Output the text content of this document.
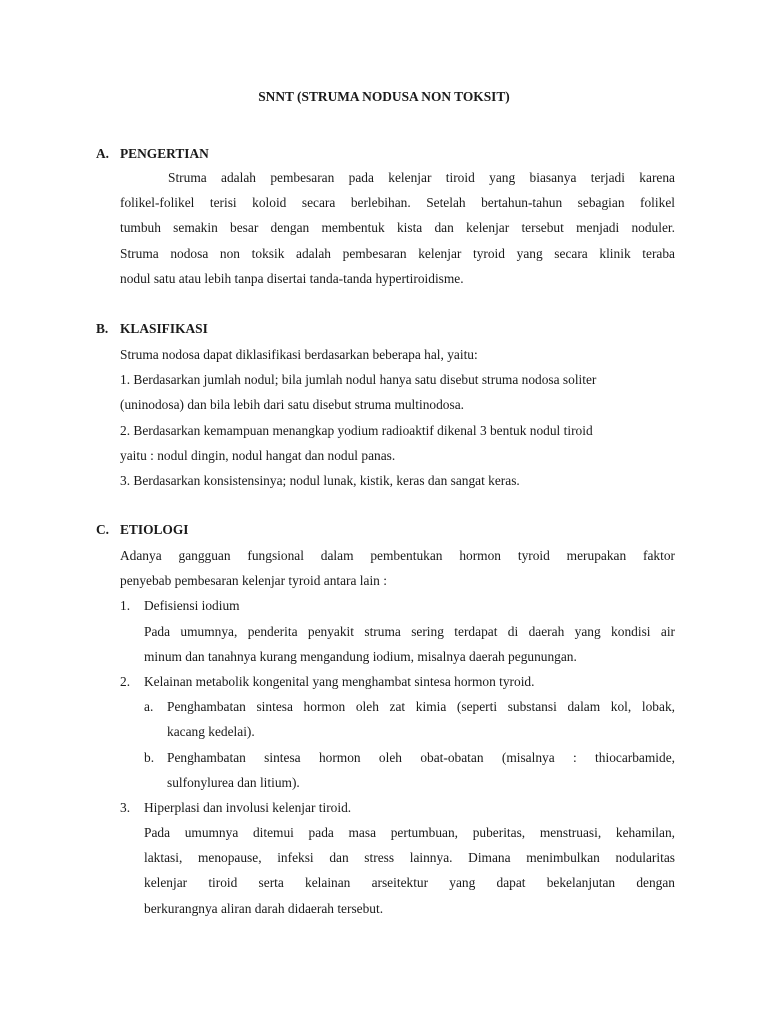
SNNT (STRUMA NODUSA NON TOKSIT)
A. PENGERTIAN
Struma adalah pembesaran pada kelenjar tiroid yang biasanya terjadi karena
folikel-folikel terisi koloid secara berlebihan. Setelah bertahun-tahun sebagian folikel
tumbuh semakin besar dengan membentuk kista dan kelenjar tersebut menjadi noduler.
Struma nodosa non toksik adalah pembesaran kelenjar tyroid yang secara klinik teraba
nodul satu atau lebih tanpa disertai tanda-tanda hypertiroidisme.
B. KLASIFIKASI
Struma nodosa dapat diklasifikasi berdasarkan beberapa hal, yaitu:
1. Berdasarkan jumlah nodul; bila jumlah nodul hanya satu disebut struma nodosa soliter
(uninodosa) dan bila lebih dari satu disebut struma multinodosa.
2. Berdasarkan kemampuan menangkap yodium radioaktif dikenal 3 bentuk nodul tiroid
yaitu : nodul dingin, nodul hangat dan nodul panas.
3. Berdasarkan konsistensinya; nodul lunak, kistik, keras dan sangat keras.
C. ETIOLOGI
Adanya gangguan fungsional dalam pembentukan hormon tyroid merupakan faktor
penyebab pembesaran kelenjar tyroid antara lain :
1. Defisiensi iodium
Pada umumnya, penderita penyakit struma sering terdapat di daerah yang kondisi air
minum dan tanahnya kurang mengandung iodium, misalnya daerah pegunungan.
2. Kelainan metabolik kongenital yang menghambat sintesa hormon tyroid.
a. Penghambatan sintesa hormon oleh zat kimia (seperti substansi dalam kol, lobak,
kacang kedelai).
b. Penghambatan sintesa hormon oleh obat-obatan (misalnya : thiocarbamide,
sulfonylurea dan litium).
3. Hiperplasi dan involusi kelenjar tiroid.
Pada umumnya ditemui pada masa pertumbuan, puberitas, menstruasi, kehamilan,
laktasi, menopause, infeksi dan stress lainnya. Dimana menimbulkan nodularitas
kelenjar tiroid serta kelainan arseitektur yang dapat bekelanjutan dengan
berkurangnya aliran darah didaerah tersebut.
